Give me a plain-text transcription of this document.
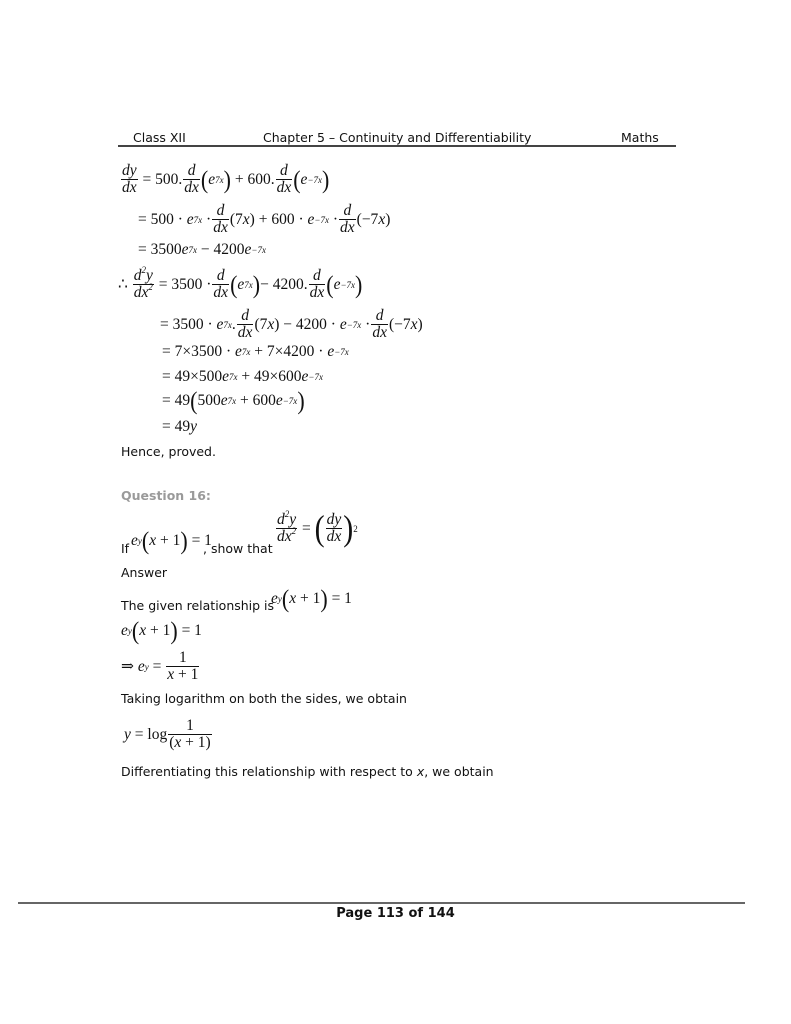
Class XII	Chapter 5 – Continuity and Differentiability	Maths
$\frac{dy}{dx} = 500$. $\frac{d}{dx}$ ( e 7x ) + 600. $\frac{d}{dx}$ ( e −7x )
= 500 · e $7x \cdot \frac{d}{dx} (7x) + 600 \cdot e -7x \cdot \frac{d}{dx} (-7x)$
= 3500e 7x − 4200e −7x
∴ $\frac{d^2y}{dx^2} = 3500 \cdot \frac{d}{dx}$ ( e 7x ) − 4200. $\frac{d}{dx}$ ( e −7x )
= 3500 · e 7x . $\frac{d}{dx} (7x) - 4200 \cdot e -7x \cdot \frac{d}{dx} (-7x)$
= 7×3500 · e 7x + 7×4200 · e −7x
= 49×500e 7x + 49×600e −7x
= 49 ( 500e 7x + 600e −7x )
= 49y
Hence, proved.
Question 16:
If e y ( x + 1 ) = 1
, show that
$\frac{d^2y}{dx^2}$ = ( $\frac{dy}{dx}$ ) 2
Answer
The given relationship is
e y ( x + 1 ) = 1
e y ( x + 1 ) = 1
⇒ e $y = \frac{1}{x + 1}$
Taking logarithm on both the sides, we obtain
$y = \log \frac{1}{(x + 1)}$
Differentiating this relationship with respect to x, we obtain
Page 113 of 144
